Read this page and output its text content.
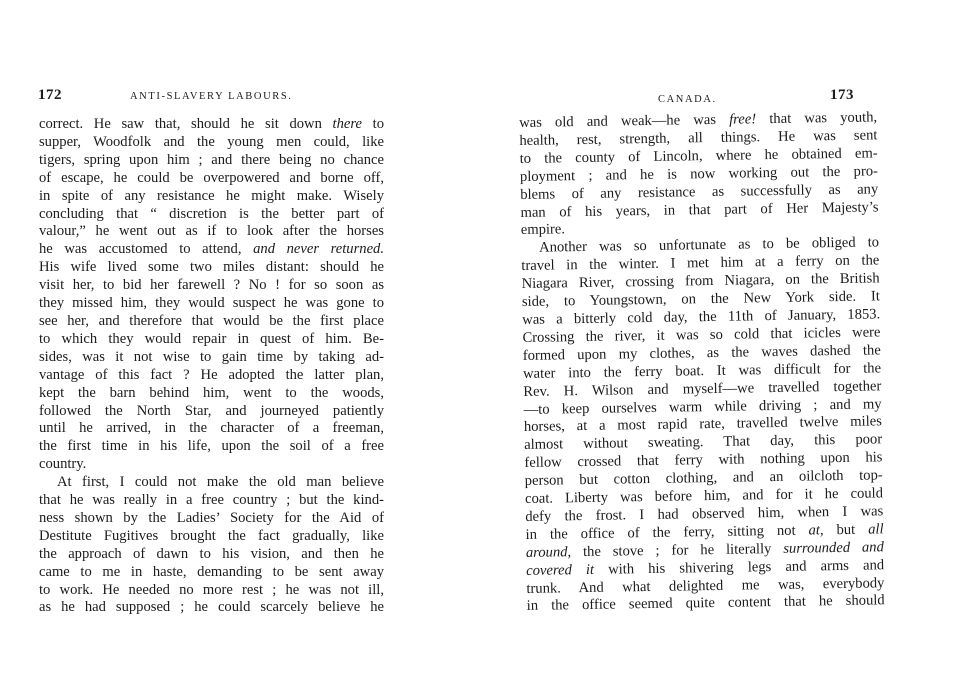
172	ANTI-SLAVERY LABOURS.
correct. He saw that, should he sit down there to
supper, Woodfolk and the young men could, like
tigers, spring upon him ; and there being no chance
of escape, he could be overpowered and borne off,
in spite of any resistance he might make. Wisely
concluding that “ discretion is the better part of
valour,” he went out as if to look after the horses
he was accustomed to attend, and never returned.
His wife lived some two miles distant: should he
visit her, to bid her farewell ? No ! for so soon as
they missed him, they would suspect he was gone to
see her, and therefore that would be the first place
to which they would repair in quest of him. Be-
sides, was it not wise to gain time by taking ad-
vantage of this fact ? He adopted the latter plan,
kept the barn behind him, went to the woods,
followed the North Star, and journeyed patiently
until he arrived, in the character of a freeman,
the first time in his life, upon the soil of a free
country.
At first, I could not make the old man believe
that he was really in a free country ; but the kind-
ness shown by the Ladies’ Society for the Aid of
Destitute Fugitives brought the fact gradually, like
the approach of dawn to his vision, and then he
came to me in haste, demanding to be sent away
to work. He needed no more rest ; he was not ill,
as he had supposed ; he could scarcely believe he
CANADA.	173
was old and weak—he was free! that was youth,
health, rest, strength, all things. He was sent
to the county of Lincoln, where he obtained em-
ployment ; and he is now working out the pro-
blems of any resistance as successfully as any
man of his years, in that part of Her Majesty’s
empire.
Another was so unfortunate as to be obliged to
travel in the winter. I met him at a ferry on the
Niagara River, crossing from Niagara, on the British
side, to Youngstown, on the New York side. It
was a bitterly cold day, the 11th of January, 1853.
Crossing the river, it was so cold that icicles were
formed upon my clothes, as the waves dashed the
water into the ferry boat. It was difficult for the
Rev. H. Wilson and myself—we travelled together
—to keep ourselves warm while driving ; and my
horses, at a most rapid rate, travelled twelve miles
almost without sweating. That day, this poor
fellow crossed that ferry with nothing upon his
person but cotton clothing, and an oilcloth top-
coat. Liberty was before him, and for it he could
defy the frost. I had observed him, when I was
in the office of the ferry, sitting not at, but all
around, the stove ; for he literally surrounded and
covered it with his shivering legs and arms and
trunk. And what delighted me was, everybody
in the office seemed quite content that he should
